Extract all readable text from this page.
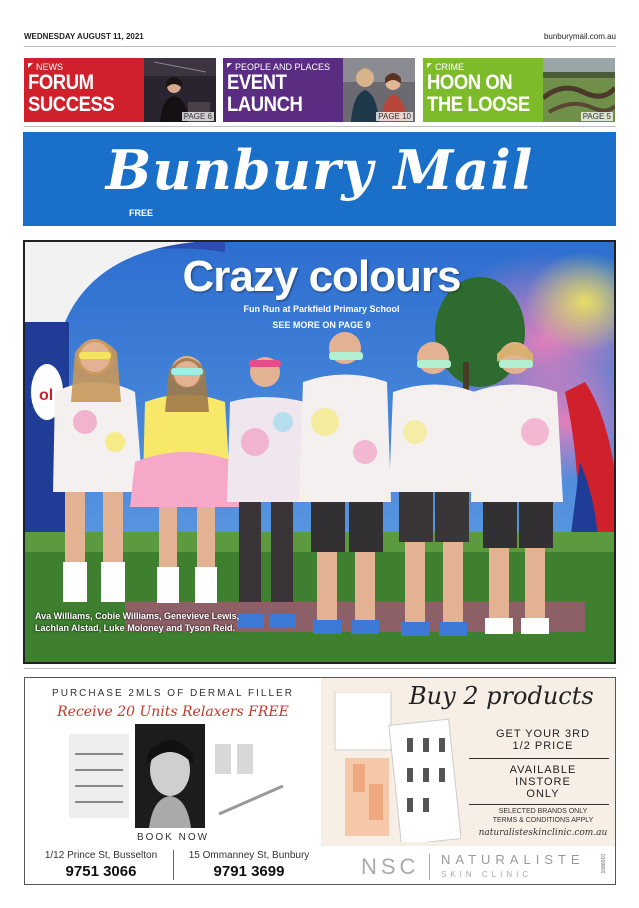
WEDNESDAY AUGUST 11, 2021	bunburymail.com.au
NEWS
FORUM
SUCCESS
PAGE 6
PEOPLE AND PLACES
EVENT
LAUNCH
PAGE 10
CRIME
HOON ON
THE LOOSE
PAGE 5
Bunbury Mail
FREE
ol
Crazy colours
Fun Run at Parkfield Primary School
SEE MORE ON PAGE 9
Ava Williams, Cobie Williams, Genevieve Lewis, Lachlan Alstad, Luke Moloney and Tyson Reid.
PURCHASE 2MLS OF DERMAL FILLER
Receive 20 Units Relaxers FREE
BOOK NOW
1/12 Prince St, Busselton
9751 3066
15 Ommanney St, Bunbury
9791 3699
Buy 2 products
GET YOUR 3RD
1/2 PRICE
AVAILABLE
INSTORE
ONLY
SELECTED BRANDS ONLY
TERMS & CONDITIONS APPLY
naturalisteskinclinic.com.au
NSC NATURALISTE
SKIN CLINIC
1686010
